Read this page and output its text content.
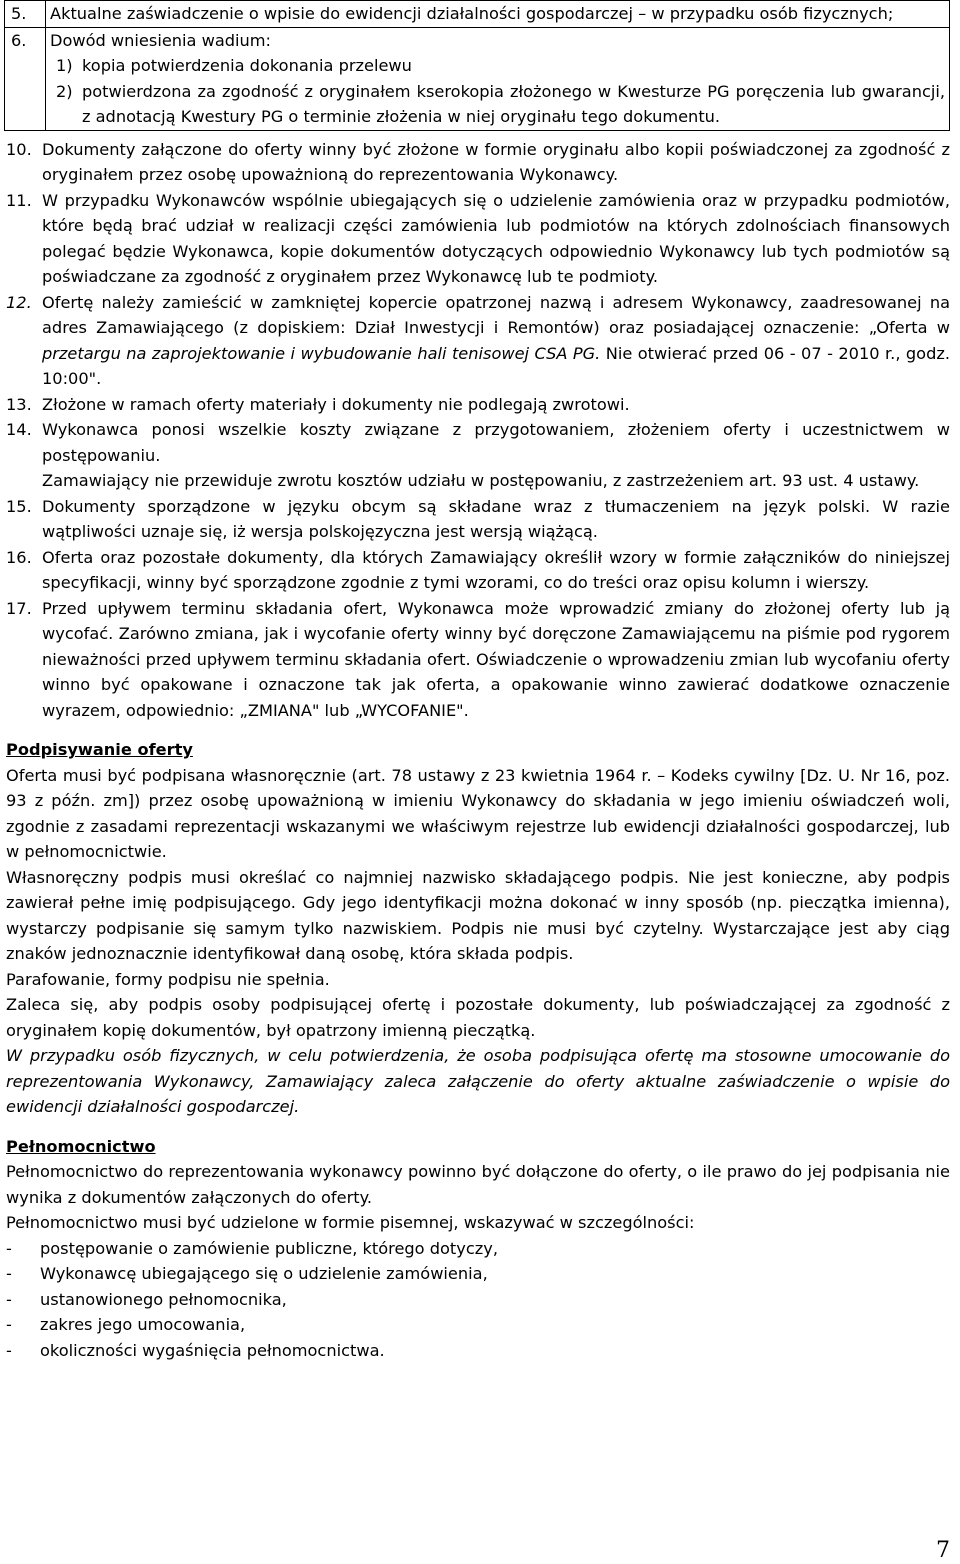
5.	Aktualne zaświadczenie o wpisie do ewidencji działalności gospodarczej – w przypadku osób fizycznych;
6.	Dowód wniesienia wadium:
1) kopia potwierdzenia dokonania przelewu
2) potwierdzona za zgodność z oryginałem kserokopia złożonego w Kwesturze PG poręczenia lub gwarancji, z adnotacją Kwestury PG o terminie złożenia w niej oryginału tego dokumentu.
10. Dokumenty załączone do oferty winny być złożone w formie oryginału albo kopii poświadczonej za zgodność z oryginałem przez osobę upoważnioną do reprezentowania Wykonawcy.
11. W przypadku Wykonawców wspólnie ubiegających się o udzielenie zamówienia oraz w przypadku podmiotów, które będą brać udział w realizacji części zamówienia lub podmiotów na których zdolnościach finansowych polegać będzie Wykonawca, kopie dokumentów dotyczących odpowiednio Wykonawcy lub tych podmiotów są poświadczane za zgodność z oryginałem przez Wykonawcę lub te podmioty.
12. Ofertę należy zamieścić w zamkniętej kopercie opatrzonej nazwą i adresem Wykonawcy, zaadresowanej na adres Zamawiającego (z dopiskiem: Dział Inwestycji i Remontów) oraz posiadającej oznaczenie: „Oferta w przetargu na zaprojektowanie i wybudowanie hali tenisowej CSA PG. Nie otwierać przed 06 - 07 - 2010 r., godz. 10:00".
13. Złożone w ramach oferty materiały i dokumenty nie podlegają zwrotowi.
14. Wykonawca ponosi wszelkie koszty związane z przygotowaniem, złożeniem oferty i uczestnictwem w postępowaniu.
Zamawiający nie przewiduje zwrotu kosztów udziału w postępowaniu, z zastrzeżeniem art. 93 ust. 4 ustawy.
15. Dokumenty sporządzone w języku obcym są składane wraz z tłumaczeniem na język polski. W razie wątpliwości uznaje się, iż wersja polskojęzyczna jest wersją wiążącą.
16. Oferta oraz pozostałe dokumenty, dla których Zamawiający określił wzory w formie załączników do niniejszej specyfikacji, winny być sporządzone zgodnie z tymi wzorami, co do treści oraz opisu kolumn i wierszy.
17. Przed upływem terminu składania ofert, Wykonawca może wprowadzić zmiany do złożonej oferty lub ją wycofać. Zarówno zmiana, jak i wycofanie oferty winny być doręczone Zamawiającemu na piśmie pod rygorem nieważności przed upływem terminu składania ofert. Oświadczenie o wprowadzeniu zmian lub wycofaniu oferty winno być opakowane i oznaczone tak jak oferta, a opakowanie winno zawierać dodatkowe oznaczenie wyrazem, odpowiednio: „ZMIANA" lub „WYCOFANIE".
Podpisywanie oferty
Oferta musi być podpisana własnoręcznie (art. 78 ustawy z 23 kwietnia 1964 r. – Kodeks cywilny [Dz. U. Nr 16, poz. 93 z późn. zm]) przez osobę upoważnioną w imieniu Wykonawcy do składania w jego imieniu oświadczeń woli, zgodnie z zasadami reprezentacji wskazanymi we właściwym rejestrze lub ewidencji działalności gospodarczej, lub w pełnomocnictwie.
Własnoręczny podpis musi określać co najmniej nazwisko składającego podpis. Nie jest konieczne, aby podpis zawierał pełne imię podpisującego. Gdy jego identyfikacji można dokonać w inny sposób (np. pieczątka imienna), wystarczy podpisanie się samym tylko nazwiskiem. Podpis nie musi być czytelny. Wystarczające jest aby ciąg znaków jednoznacznie identyfikował daną osobę, która składa podpis.
Parafowanie, formy podpisu nie spełnia.
Zaleca się, aby podpis osoby podpisującej ofertę i pozostałe dokumenty, lub poświadczającej za zgodność z oryginałem kopię dokumentów, był opatrzony imienną pieczątką.
W przypadku osób fizycznych, w celu potwierdzenia, że osoba podpisująca ofertę ma stosowne umocowanie do reprezentowania Wykonawcy, Zamawiający zaleca załączenie do oferty aktualne zaświadczenie o wpisie do ewidencji działalności gospodarczej.
Pełnomocnictwo
Pełnomocnictwo do reprezentowania wykonawcy powinno być dołączone do oferty, o ile prawo do jej podpisania nie wynika z dokumentów załączonych do oferty.
Pełnomocnictwo musi być udzielone w formie pisemnej, wskazywać w szczególności:
-	postępowanie o zamówienie publiczne, którego dotyczy,
-	Wykonawcę ubiegającego się o udzielenie zamówienia,
-	ustanowionego pełnomocnika,
-	zakres jego umocowania,
-	okoliczności wygaśnięcia pełnomocnictwa.
7
